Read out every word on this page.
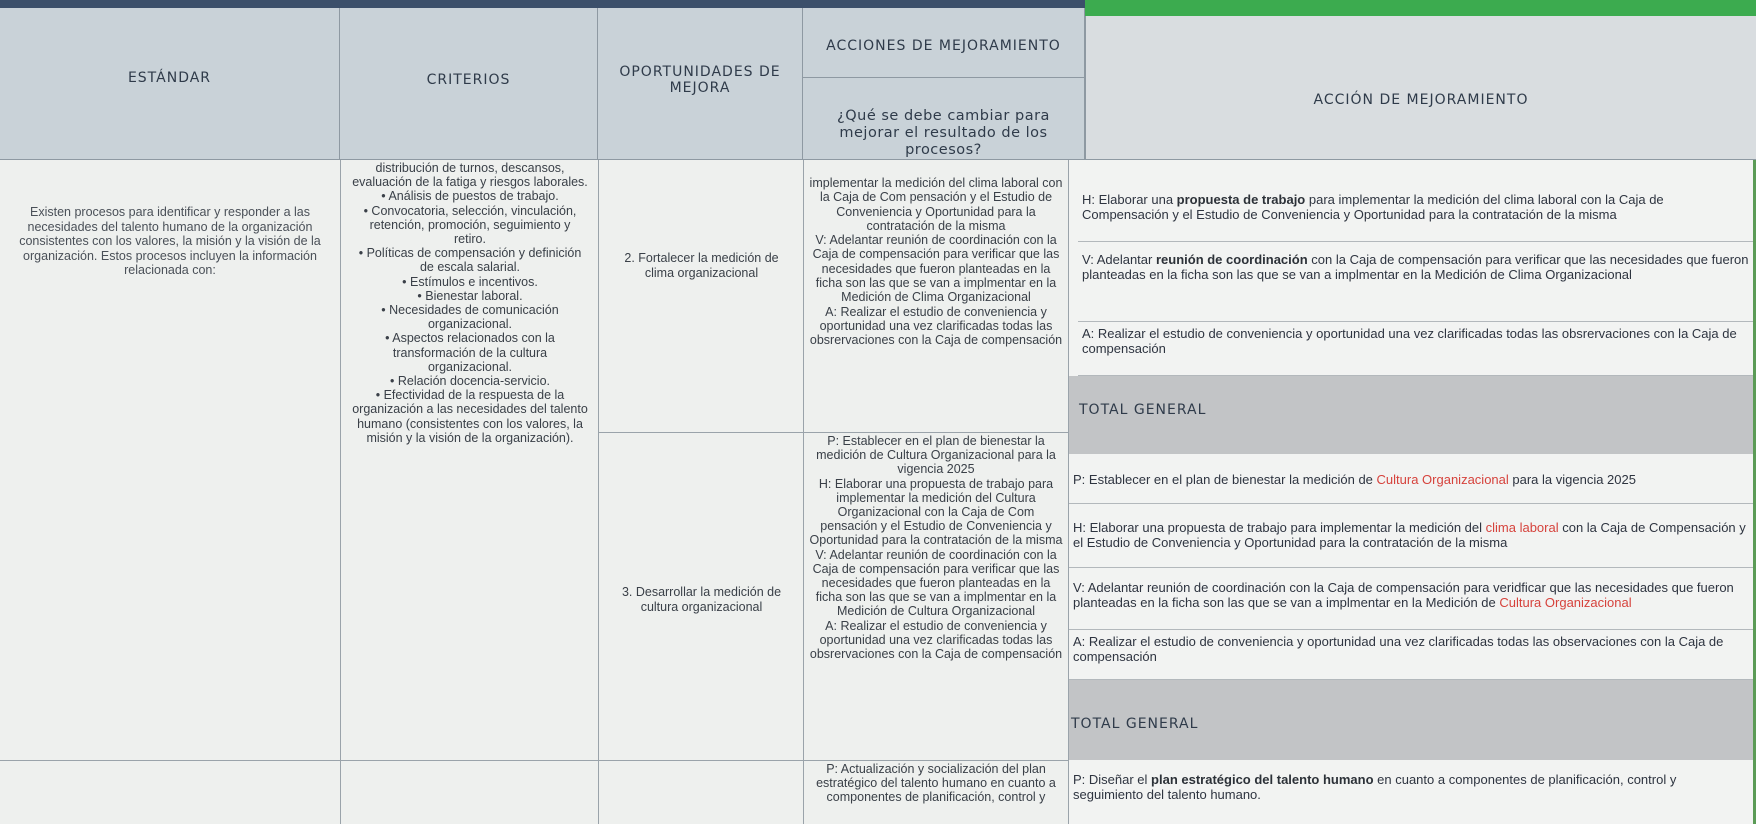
ESTÁNDAR	CRITERIOS	OPORTUNIDADES DE MEJORA
ACCIONES DE MEJORAMIENTO
¿Qué se debe cambiar para mejorar el resultado de los procesos?
ACCIÓN DE MEJORAMIENTO
Existen procesos para identificar y responder a las necesidades del talento humano de la organización consistentes con los valores, la misión y la visión de la organización. Estos procesos incluyen la información relacionada con:
distribución de turnos, descansos, evaluación de la fatiga y riesgos laborales.
• Análisis de puestos de trabajo.
• Convocatoria, selección, vinculación, retención, promoción, seguimiento y retiro.
• Políticas de compensación y definición de escala salarial.
• Estímulos e incentivos.
• Bienestar laboral.
• Necesidades de comunicación organizacional.
• Aspectos relacionados con la transformación de la cultura organizacional.
• Relación docencia-servicio.
• Efectividad de la respuesta de la organización a las necesidades del talento humano (consistentes con los valores, la misión y la visión de la organización).
2. Fortalecer la medición de clima organizacional
3. Desarrollar la medición de cultura organizacional
implementar la medición del clima laboral con la Caja de Com pensación y el Estudio de Conveniencia y Oportunidad para la contratación de la misma
V: Adelantar reunión de coordinación con la Caja de compensación para verificar que las necesidades que fueron planteadas en la ficha son las que se van a implmentar en la Medición de Clima Organizacional
A: Realizar el estudio de conveniencia y oportunidad una vez clarificadas todas las obsrervaciones con la Caja de compensación
P: Establecer en el plan de bienestar la medición de Cultura Organizacional para la vigencia 2025
H: Elaborar una propuesta de trabajo para implementar la medición del Cultura Organizacional con la Caja de Com pensación y el Estudio de Conveniencia y Oportunidad para la contratación de la misma
V: Adelantar reunión de coordinación con la Caja de compensación para verificar que las necesidades que fueron planteadas en la ficha son las que se van a implmentar en la Medición de Cultura Organizacional
A: Realizar el estudio de conveniencia y oportunidad una vez clarificadas todas las obsrervaciones con la Caja de compensación
P: Actualización y socialización del plan estratégico del talento humano en cuanto a componentes de planificación, control y
H: Elaborar una propuesta de trabajo para implementar la medición del clima laboral con la Caja de Compensación y el Estudio de Conveniencia y Oportunidad para la contratación de la misma
V: Adelantar reunión de coordinación con la Caja de compensación para verificar que las necesidades que fueron planteadas en la ficha son las que se van a implmentar en la Medición de Clima Organizacional
A: Realizar el estudio de conveniencia y oportunidad una vez clarificadas todas las obsrervaciones con la Caja de compensación
TOTAL GENERAL
P: Establecer en el plan de bienestar la medición de Cultura Organizacional para la vigencia 2025
H: Elaborar una propuesta de trabajo para implementar la medición del clima laboral con la Caja de Compensación y el Estudio de Conveniencia y Oportunidad para la contratación de la misma
V: Adelantar reunión de coordinación con la Caja de compensación para veridficar que las necesidades que fueron planteadas en la ficha son las que se van a implmentar en la Medición de Cultura Organizacional
A: Realizar el estudio de conveniencia y oportunidad una vez clarificadas todas las observaciones con la Caja de compensación
TOTAL GENERAL
P: Diseñar el plan estratégico del talento humano en cuanto a componentes de planificación, control y seguimiento del talento humano.
